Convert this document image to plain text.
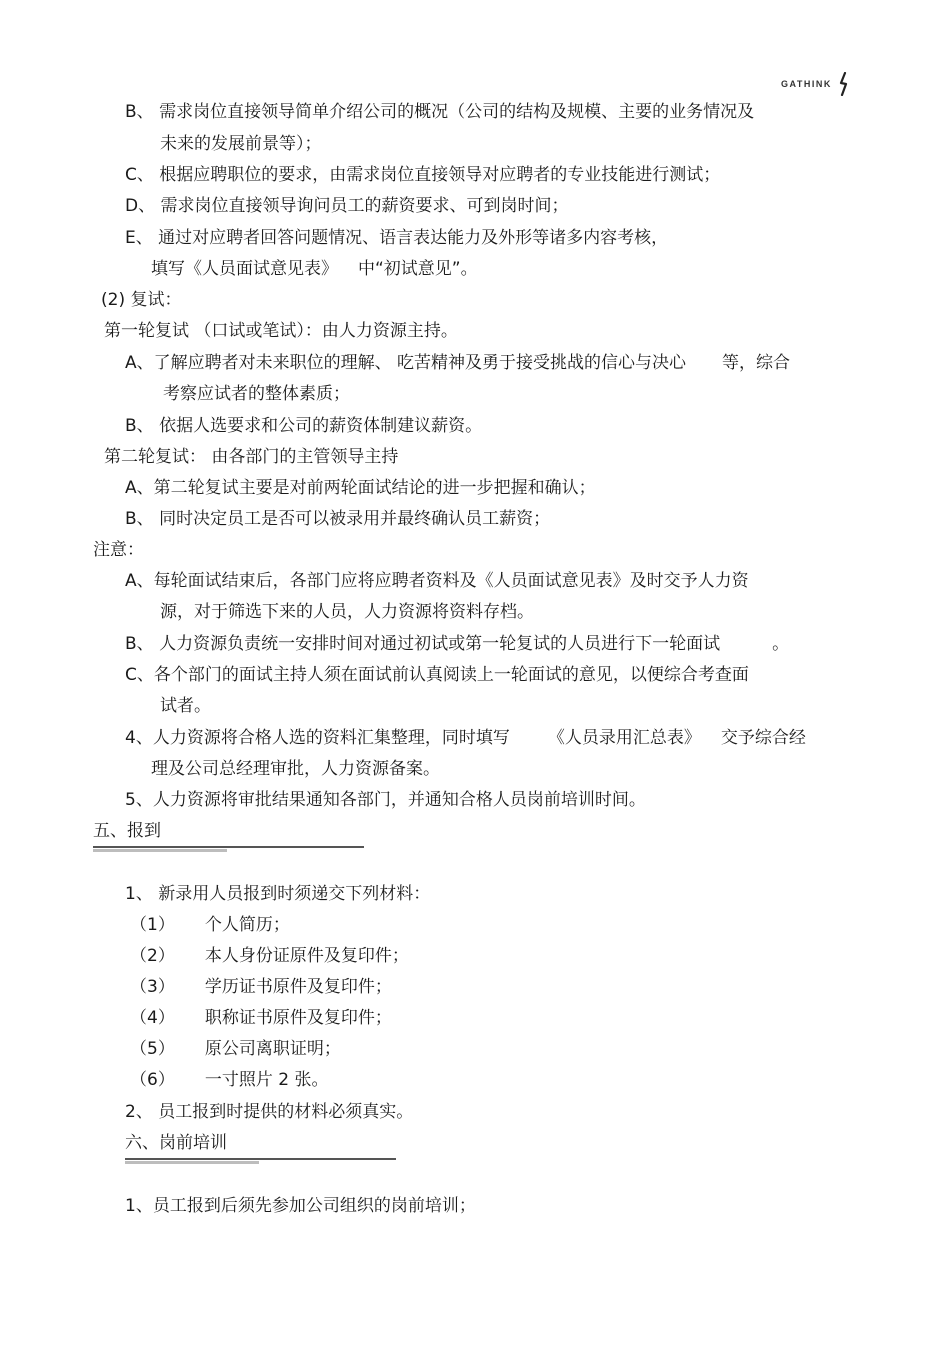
GATHINK
B、 需求岗位直接领导简单介绍公司的概况（公司的结构及规模、主要的业务情况及
未来的发展前景等）；
C、 根据应聘职位的要求，由需求岗位直接领导对应聘者的专业技能进行测试；
D、 需求岗位直接领导询问员工的薪资要求、可到岗时间；
E、 通过对应聘者回答问题情况、语言表达能力及外形等诸多内容考核，
填写《人员面试意见表》 中“初试意见”。
(2) 复试：
第一轮复试 （口试或笔试）：由人力资源主持。
A、了解应聘者对未来职位的理解、 吃苦精神及勇于接受挑战的信心与决心 等，综合
考察应试者的整体素质；
B、 依据人选要求和公司的薪资体制建议薪资。
第二轮复试： 由各部门的主管领导主持
A、第二轮复试主要是对前两轮面试结论的进一步把握和确认；
B、 同时决定员工是否可以被录用并最终确认员工薪资；
注意：
A、每轮面试结束后，各部门应将应聘者资料及《人员面试意见表》及时交予人力资
源，对于筛选下来的人员，人力资源将资料存档。
B、 人力资源负责统一安排时间对通过初试或第一轮复试的人员进行下一轮面试	。
C、各个部门的面试主持人须在面试前认真阅读上一轮面试的意见，以便综合考查面
试者。
4、人力资源将合格人选的资料汇集整理，同时填写 《人员录用汇总表》 交予综合经
理及公司总经理审批，人力资源备案。
5、人力资源将审批结果通知各部门，并通知合格人员岗前培训时间。
五、报到
1、 新录用人员报到时须递交下列材料：
（1） 个人简历；
（2） 本人身份证原件及复印件；
（3） 学历证书原件及复印件；
（4） 职称证书原件及复印件；
（5） 原公司离职证明；
（6） 一寸照片 2 张。
2、 员工报到时提供的材料必须真实。
六、岗前培训
1、员工报到后须先参加公司组织的岗前培训；
